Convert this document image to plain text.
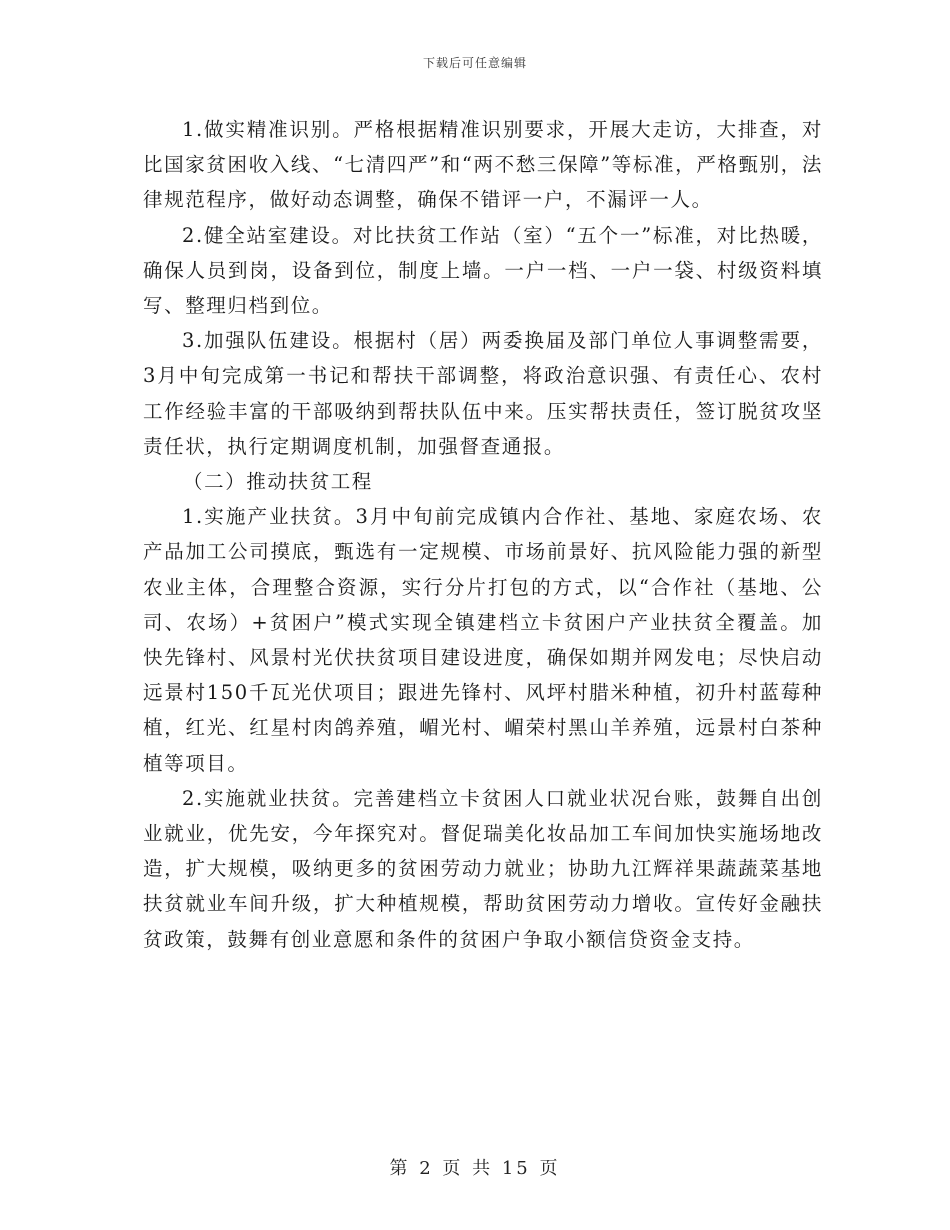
下载后可任意编辑

1.做实精准识别。严格根据精准识别要求，开展大走访，大排查，对比国家贫困收入线、“七清四严”和“两不愁三保障”等标准，严格甄别，法律规范程序，做好动态调整，确保不错评一户，不漏评一人。

2.健全站室建设。对比扶贫工作站（室）“五个一”标准，对比热暖，确保人员到岗，设备到位，制度上墙。一户一档、一户一袋、村级资料填写、整理归档到位。

3.加强队伍建设。根据村（居）两委换届及部门单位人事调整需要，3月中旬完成第一书记和帮扶干部调整，将政治意识强、有责任心、农村工作经验丰富的干部吸纳到帮扶队伍中来。压实帮扶责任，签订脱贫攻坚责任状，执行定期调度机制，加强督查通报。

（二）推动扶贫工程

1.实施产业扶贫。3月中旬前完成镇内合作社、基地、家庭农场、农产品加工公司摸底，甄选有一定规模、市场前景好、抗风险能力强的新型农业主体，合理整合资源，实行分片打包的方式，以“合作社（基地、公司、农场）+贫困户”模式实现全镇建档立卡贫困户产业扶贫全覆盖。加快先锋村、风景村光伏扶贫项目建设进度，确保如期并网发电；尽快启动远景村150千瓦光伏项目；跟进先锋村、风坪村腊米种植，初升村蓝莓种植，红光、红星村肉鸽养殖，嵋光村、嵋荣村黑山羊养殖，远景村白茶种植等项目。

2.实施就业扶贫。完善建档立卡贫困人口就业状况台账，鼓舞自出创业就业，优先安，今年探究对。督促瑞美化妆品加工车间加快实施场地改造，扩大规模，吸纳更多的贫困劳动力就业；协助九江辉祥果蔬蔬菜基地扶贫就业车间升级，扩大种植规模，帮助贫困劳动力增收。宣传好金融扶贫政策，鼓舞有创业意愿和条件的贫困户争取小额信贷资金支持。

第 2 页 共 15 页
